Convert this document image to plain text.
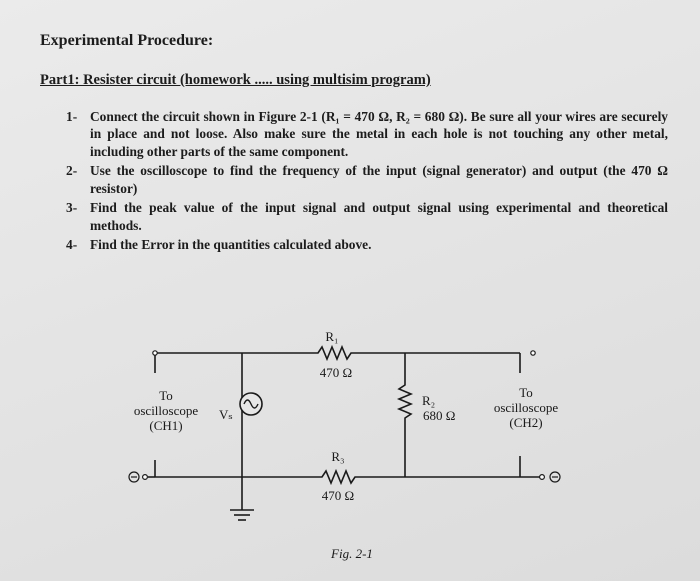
Experimental Procedure:
Part1: Resister circuit (homework ..... using multisim program)
1- Connect the circuit shown in Figure 2-1 (R₁ = 470 Ω, R₂ = 680 Ω). Be sure all your wires are securely in place and not loose. Also make sure the metal in each hole is not touching any other metal, including other parts of the same component.
2- Use the oscilloscope to find the frequency of the input (signal generator) and output (the 470 Ω resistor)
3- Find the peak value of the input signal and output signal using experimental and theoretical methods.
4- Find the Error in the quantities calculated above.
R₁
470 Ω
R₂
680 Ω
R₃
470 Ω
Vₛ
To
oscilloscope
(CH1)
To
oscilloscope
(CH2)
Fig. 2-1
